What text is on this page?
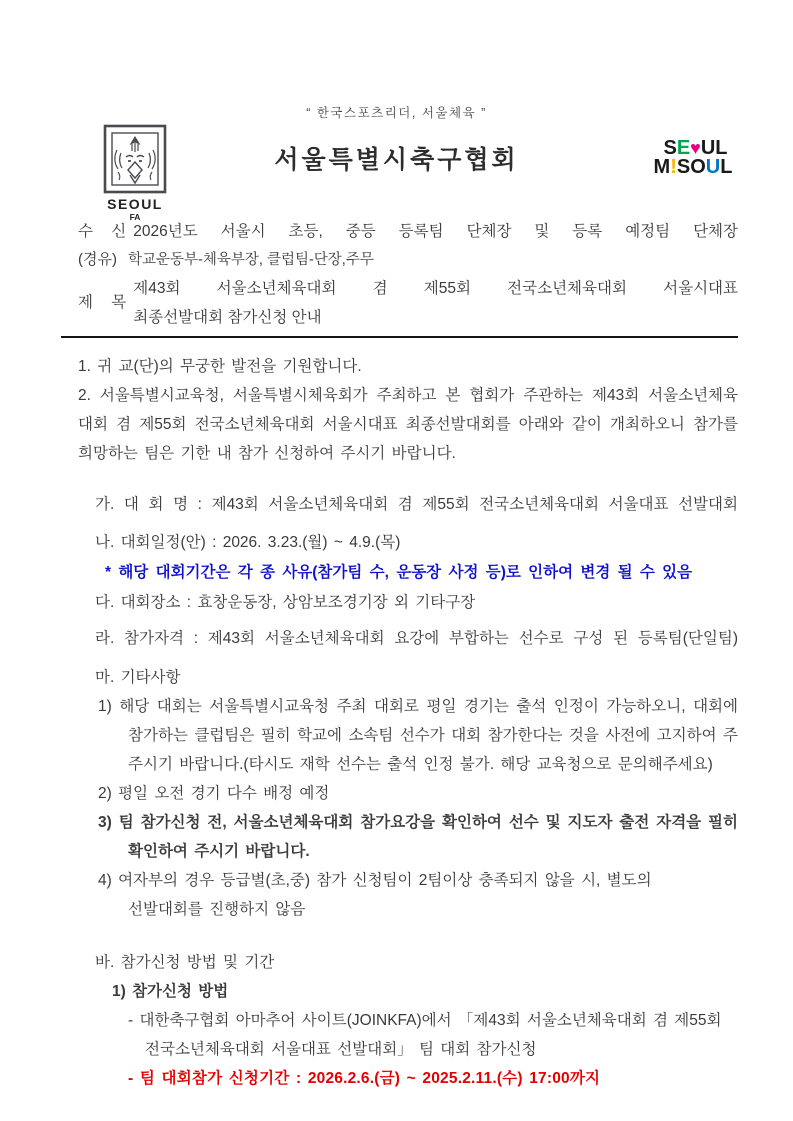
“ 한국스포츠리더, 서울체육 ”
서울특별시축구협회
SEOUL
FA
SE♥UL
M!SOUL
수 신 2026년도 서울시 초등, 중등 등록팀 단체장 및 등록 예정팀 단체장
(경유) 학교운동부-체육부장, 클럽팀-단장,주무
제 목
제43회 서울소년체육대회 겸 제55회 전국소년체육대회 서울시대표
최종선발대회 참가신청 안내
1. 귀 교(단)의 무궁한 발전을 기원합니다.
2. 서울특별시교육청, 서울특별시체육회가 주최하고 본 협회가 주관하는 제43회 서울소년체육
대회 겸 제55회 전국소년체육대회 서울시대표 최종선발대회를 아래와 같이 개최하오니 참가를
희망하는 팀은 기한 내 참가 신청하여 주시기 바랍니다.
가. 대 회 명 : 제43회 서울소년체육대회 겸 제55회 전국소년체육대회 서울대표 선발대회
나. 대회일정(안) : 2026. 3.23.(월) ~ 4.9.(목)
* 해당 대회기간은 각 종 사유(참가팀 수, 운동장 사정 등)로 인하여 변경 될 수 있음
다. 대회장소 : 효창운동장, 상암보조경기장 외 기타구장
라. 참가자격 : 제43회 서울소년체육대회 요강에 부합하는 선수로 구성 된 등록팀(단일팀)
마. 기타사항
1) 해당 대회는 서울특별시교육청 주최 대회로 평일 경기는 출석 인정이 가능하오니, 대회에
참가하는 클럽팀은 필히 학교에 소속팀 선수가 대회 참가한다는 것을 사전에 고지하여 주
주시기 바랍니다.(타시도 재학 선수는 출석 인정 불가. 해당 교육청으로 문의해주세요)
2) 평일 오전 경기 다수 배정 예정
3) 팀 참가신청 전, 서울소년체육대회 참가요강을 확인하여 선수 및 지도자 출전 자격을 필히
확인하여 주시기 바랍니다.
4) 여자부의 경우 등급별(초,중) 참가 신청팀이 2팀이상 충족되지 않을 시, 별도의
선발대회를 진행하지 않음
바. 참가신청 방법 및 기간
1) 참가신청 방법
- 대한축구협회 아마추어 사이트(JOINKFA)에서 「제43회 서울소년체육대회 겸 제55회
전국소년체육대회 서울대표 선발대회」 팀 대회 참가신청
- 팀 대회참가 신청기간 : 2026.2.6.(금) ~ 2025.2.11.(수) 17:00까지
